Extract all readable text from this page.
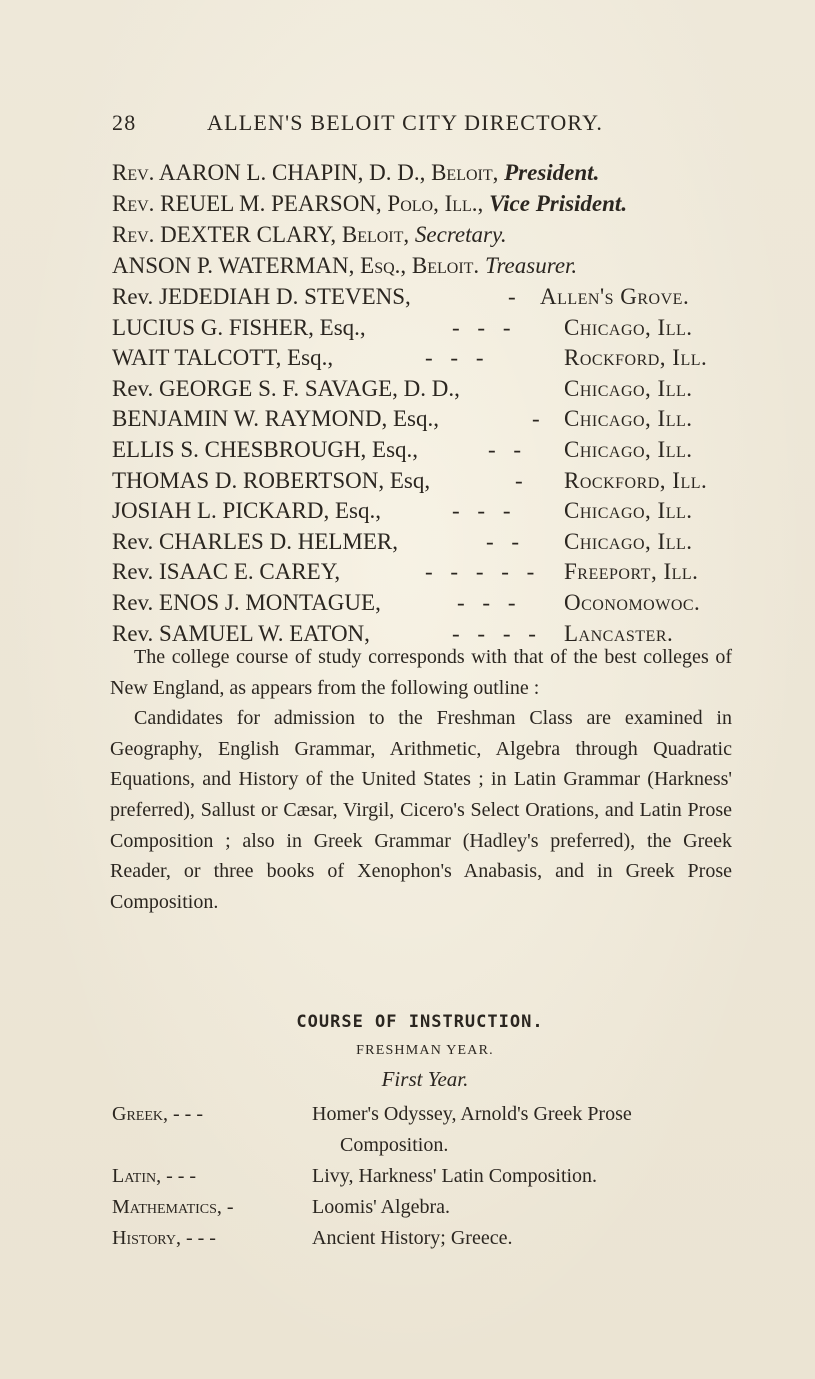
28	ALLEN'S BELOIT CITY DIRECTORY.
Rev. AARON L. CHAPIN, D. D., Beloit, President.
Rev. REUEL M. PEARSON, Polo, Ill., Vice Prisident.
Rev. DEXTER CLARY, Beloit, Secretary.
ANSON P. WATERMAN, Esq., Beloit. Treasurer.
Rev. JEDEDIAH D. STEVENS,	- Allen's Grove.
LUCIUS G. FISHER, Esq.,	- - - Chicago, Ill.
WAIT TALCOTT, Esq.,	- - -	Rockford, Ill.
Rev. GEORGE S. F. SAVAGE, D. D.,	Chicago, Ill.
BENJAMIN W. RAYMOND, Esq.,	- Chicago, Ill.
ELLIS S. CHESBROUGH, Esq.,	- - Chicago, Ill.
THOMAS D. ROBERTSON, Esq,	- Rockford, Ill.
JOSIAH L. PICKARD, Esq.,	- - - Chicago, Ill.
Rev. CHARLES D. HELMER,	- - Chicago, Ill.
Rev. ISAAC E. CAREY,	- - - - - Freeport, Ill.
Rev. ENOS J. MONTAGUE,	- - - Oconomowoc.
Rev. SAMUEL W. EATON,	- - - - Lancaster.

The college course of study corresponds with that of the best colleges of New England, as appears from the following outline :

Candidates for admission to the Freshman Class are examined in Geography, English Grammar, Arithmetic, Algebra through Quadratic Equations, and History of the United States ; in Latin Grammar (Harkness' preferred), Sallust or Cæsar, Virgil, Cicero's Select Orations, and Latin Prose Composition ; also in Greek Grammar (Hadley's preferred), the Greek Reader, or three books of Xenophon's Anabasis, and in Greek Prose Composition.

COURSE OF INSTRUCTION.
FRESHMAN YEAR.
First Year.
Greek, - - -	Homer's Odyssey, Arnold's Greek Prose
Composition.
Latin, - - -	Livy, Harkness' Latin Composition.
Mathematics, -	Loomis' Algebra.
History, - - -	Ancient History; Greece.
